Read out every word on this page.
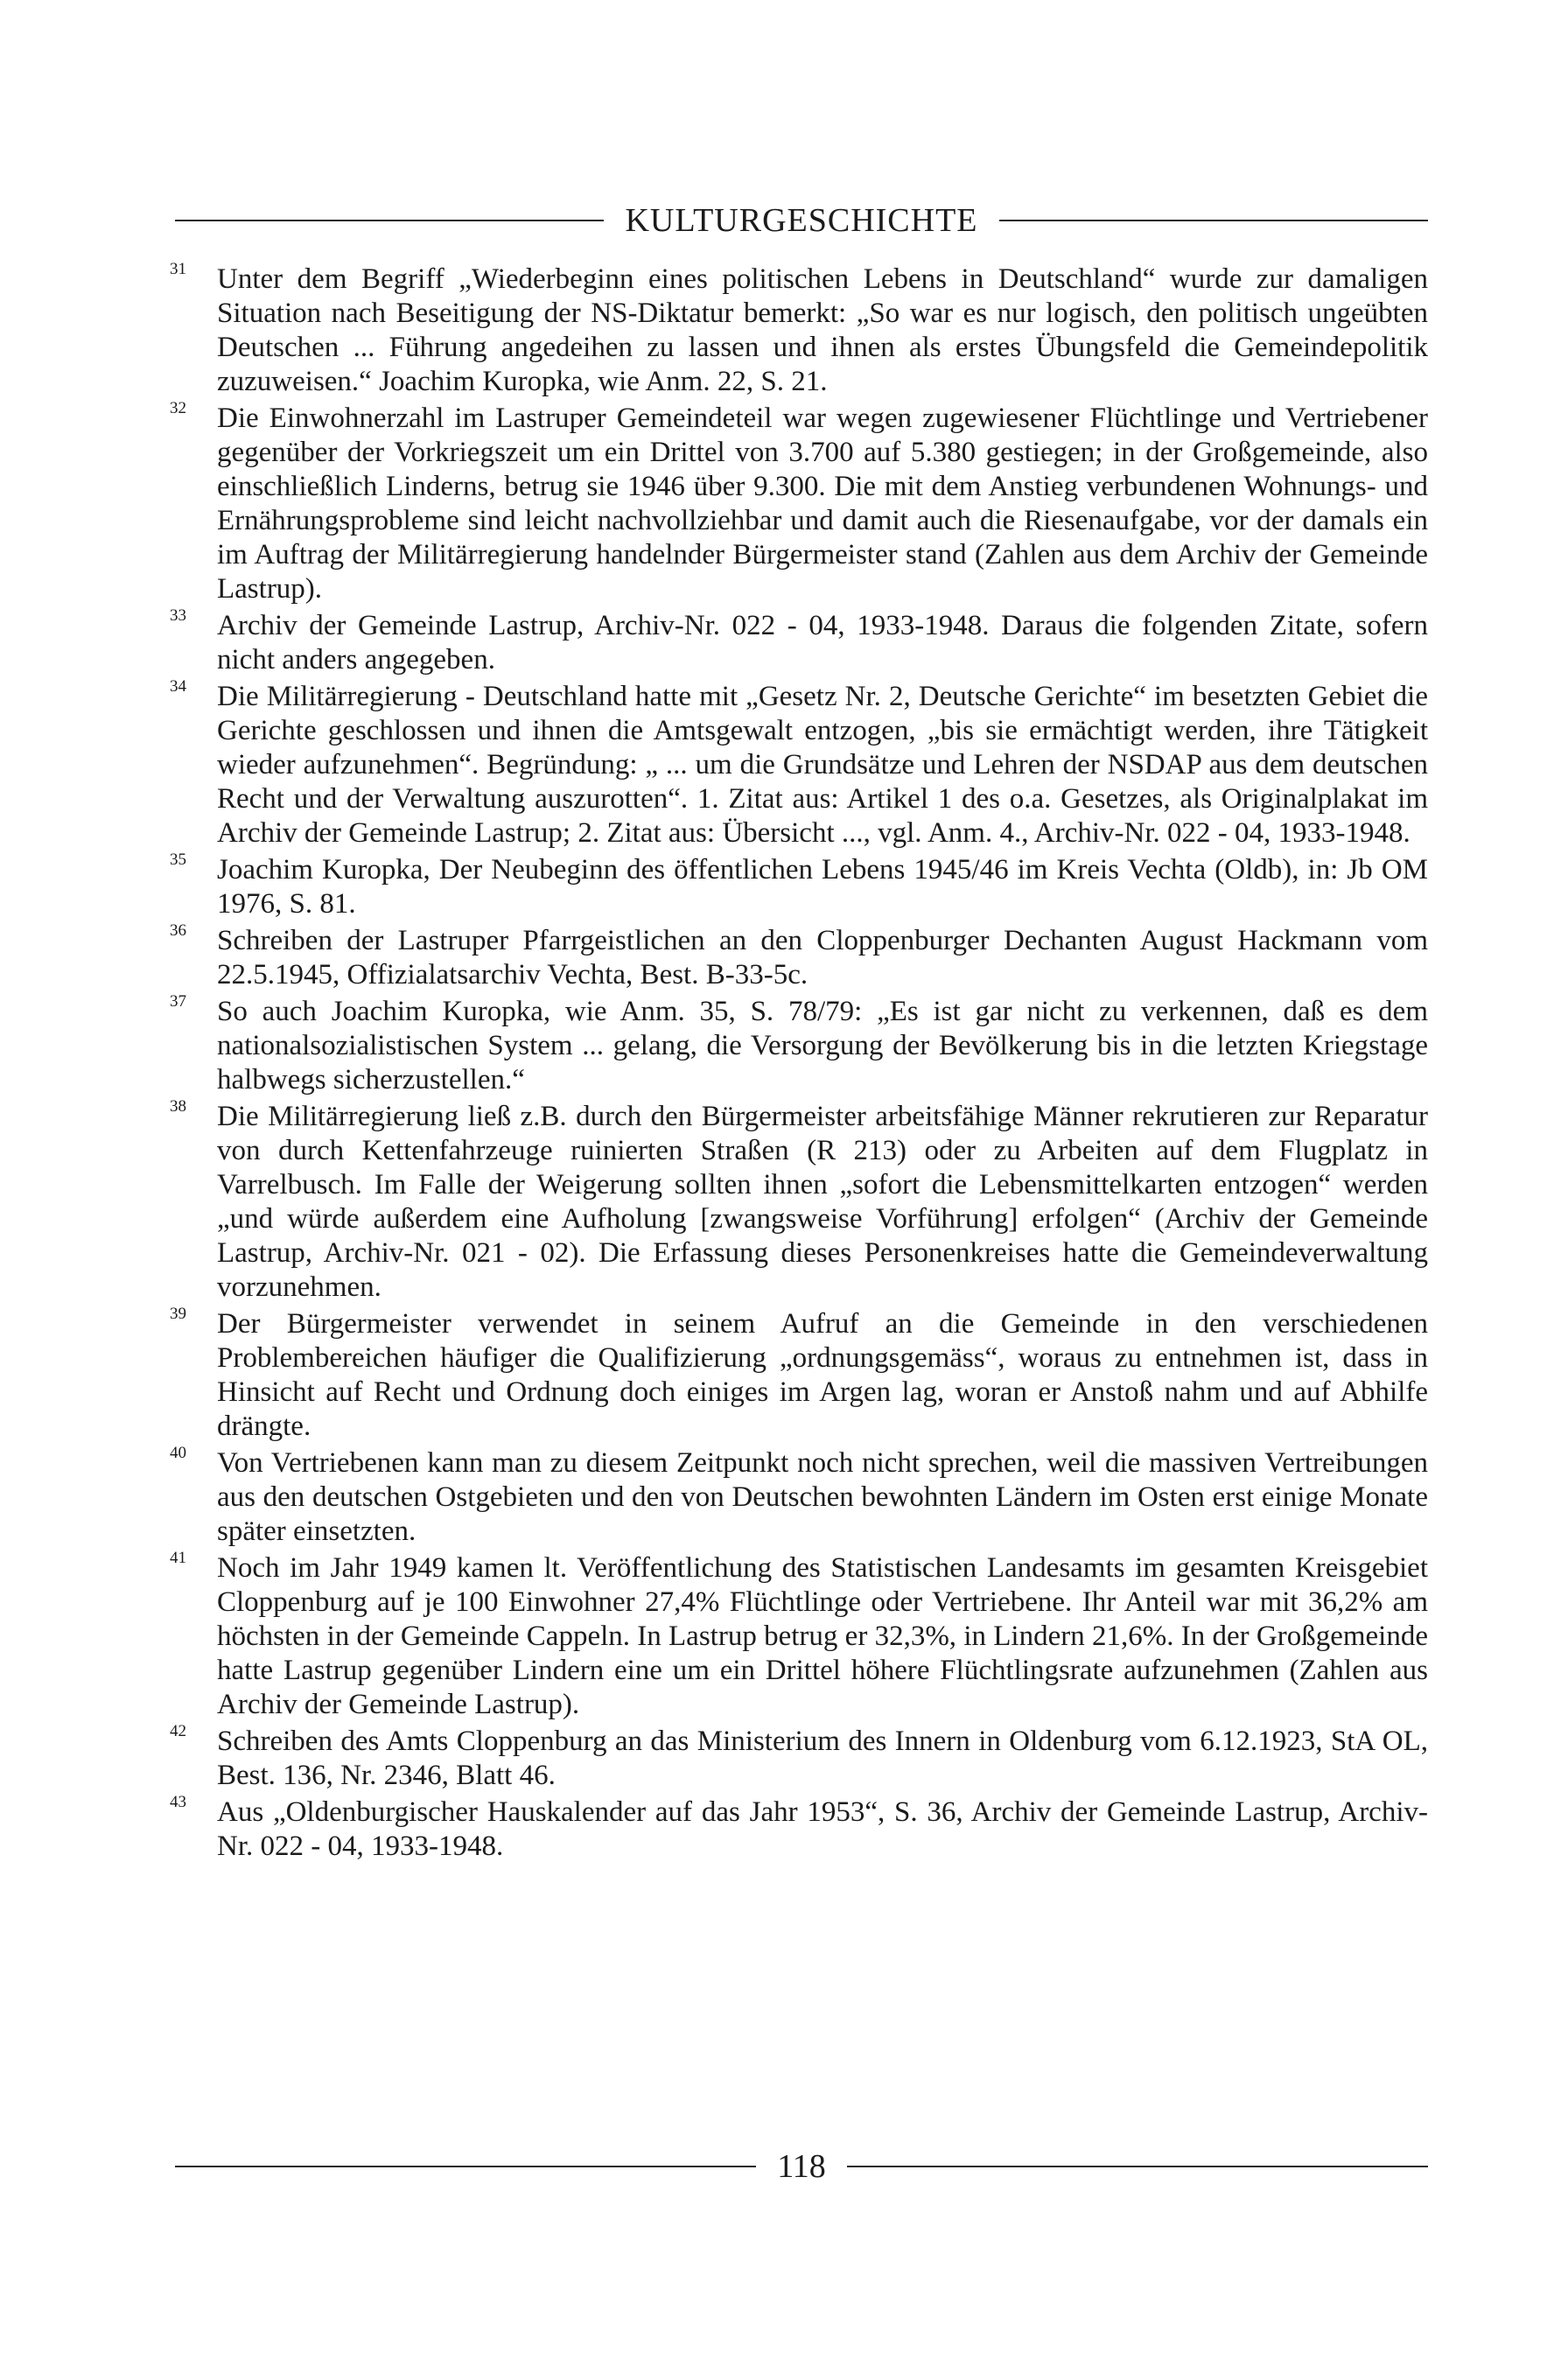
KULTURGESCHICHTE
31 Unter dem Begriff „Wiederbeginn eines politischen Lebens in Deutschland“ wurde zur damaligen Situation nach Beseitigung der NS-Diktatur bemerkt: „So war es nur logisch, den politisch ungeübten Deutschen ... Führung angedeihen zu lassen und ihnen als erstes Übungsfeld die Gemeindepolitik zuzuweisen.“ Joachim Kuropka, wie Anm. 22, S. 21.
32 Die Einwohnerzahl im Lastruper Gemeindeteil war wegen zugewiesener Flüchtlinge und Vertriebener gegenüber der Vorkriegszeit um ein Drittel von 3.700 auf 5.380 gestiegen; in der Großgemeinde, also einschließlich Linderns, betrug sie 1946 über 9.300. Die mit dem Anstieg verbundenen Wohnungs- und Ernährungsprobleme sind leicht nachvollziehbar und damit auch die Riesenaufgabe, vor der damals ein im Auftrag der Militärregierung handelnder Bürgermeister stand (Zahlen aus dem Archiv der Gemeinde Lastrup).
33 Archiv der Gemeinde Lastrup, Archiv-Nr. 022 - 04, 1933-1948. Daraus die folgenden Zitate, sofern nicht anders angegeben.
34 Die Militärregierung - Deutschland hatte mit „Gesetz Nr. 2, Deutsche Gerichte“ im besetzten Gebiet die Gerichte geschlossen und ihnen die Amtsgewalt entzogen, „bis sie ermächtigt werden, ihre Tätigkeit wieder aufzunehmen“. Begründung: „ ... um die Grundsätze und Lehren der NSDAP aus dem deutschen Recht und der Verwaltung auszurotten“. 1. Zitat aus: Artikel 1 des o.a. Gesetzes, als Originalplakat im Archiv der Gemeinde Lastrup; 2. Zitat aus: Übersicht ..., vgl. Anm. 4., Archiv-Nr. 022 - 04, 1933-1948.
35 Joachim Kuropka, Der Neubeginn des öffentlichen Lebens 1945/46 im Kreis Vechta (Oldb), in: Jb OM 1976, S. 81.
36 Schreiben der Lastruper Pfarrgeistlichen an den Cloppenburger Dechanten August Hackmann vom 22.5.1945, Offizialatsarchiv Vechta, Best. B-33-5c.
37 So auch Joachim Kuropka, wie Anm. 35, S. 78/79: „Es ist gar nicht zu verkennen, daß es dem nationalsozialistischen System ... gelang, die Versorgung der Bevölkerung bis in die letzten Kriegstage halbwegs sicherzustellen.“
38 Die Militärregierung ließ z.B. durch den Bürgermeister arbeitsfähige Männer rekrutieren zur Reparatur von durch Kettenfahrzeuge ruinierten Straßen (R 213) oder zu Arbeiten auf dem Flugplatz in Varrelbusch. Im Falle der Weigerung sollten ihnen „sofort die Lebensmittelkarten entzogen“ werden „und würde außerdem eine Aufholung [zwangsweise Vorführung] erfolgen“ (Archiv der Gemeinde Lastrup, Archiv-Nr. 021 - 02). Die Erfassung dieses Personenkreises hatte die Gemeindeverwaltung vorzunehmen.
39 Der Bürgermeister verwendet in seinem Aufruf an die Gemeinde in den verschiedenen Problembereichen häufiger die Qualifizierung „ordnungsgemäss“, woraus zu entnehmen ist, dass in Hinsicht auf Recht und Ordnung doch einiges im Argen lag, woran er Anstoß nahm und auf Abhilfe drängte.
40 Von Vertriebenen kann man zu diesem Zeitpunkt noch nicht sprechen, weil die massiven Vertreibungen aus den deutschen Ostgebieten und den von Deutschen bewohnten Ländern im Osten erst einige Monate später einsetzten.
41 Noch im Jahr 1949 kamen lt. Veröffentlichung des Statistischen Landesamts im gesamten Kreisgebiet Cloppenburg auf je 100 Einwohner 27,4% Flüchtlinge oder Vertriebene. Ihr Anteil war mit 36,2% am höchsten in der Gemeinde Cappeln. In Lastrup betrug er 32,3%, in Lindern 21,6%. In der Großgemeinde hatte Lastrup gegenüber Lindern eine um ein Drittel höhere Flüchtlingsrate aufzunehmen (Zahlen aus Archiv der Gemeinde Lastrup).
42 Schreiben des Amts Cloppenburg an das Ministerium des Innern in Oldenburg vom 6.12.1923, StA OL, Best. 136, Nr. 2346, Blatt 46.
43 Aus „Oldenburgischer Hauskalender auf das Jahr 1953“, S. 36, Archiv der Gemeinde Lastrup, Archiv-Nr. 022 - 04, 1933-1948.
118
